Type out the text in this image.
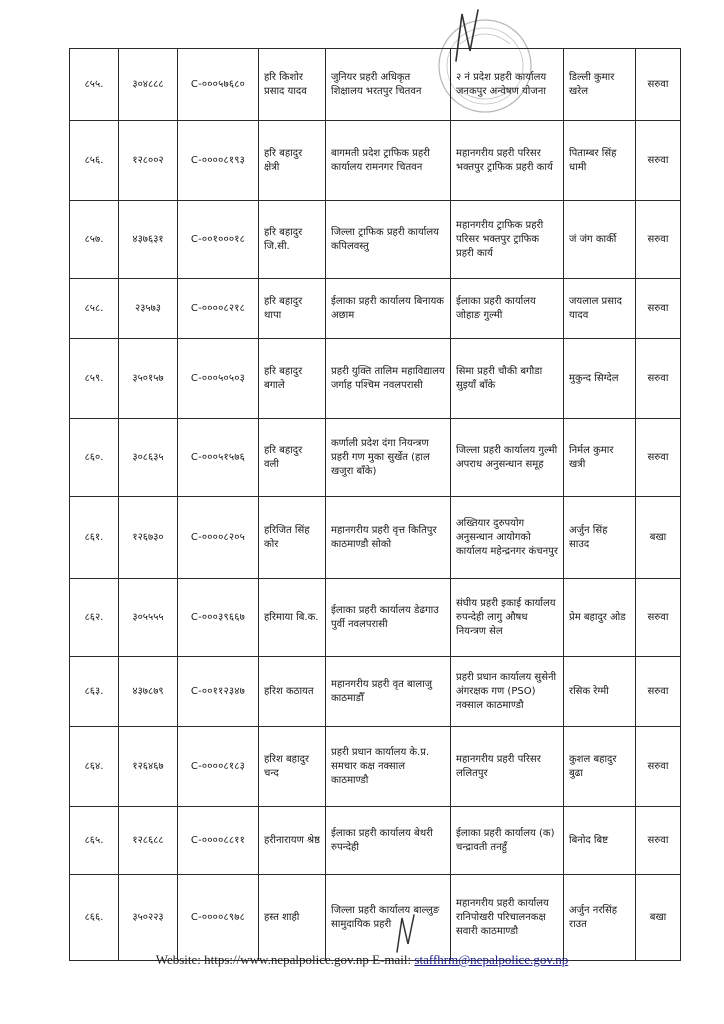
८५५.	३०४८८८	C-०००५७६८०	हरि किशोर प्रसाद यादव	जुनियर प्रहरी अधिकृत शिक्षालय भरतपुर चितवन	२ नं प्रदेश प्रहरी कार्यालय जनकपुर अन्वेषण योजना	डिल्ली कुमार खरेल	सरुवा
८५६.	१२८००२	C-००००८१९३	हरि बहादुर क्षेत्री	बागमती प्रदेश ट्राफिक प्रहरी कार्यालय रामनगर चितवन	महानगरीय प्रहरी परिसर भक्तपुर ट्राफिक प्रहरी कार्य	पिताम्बर सिंह धामी	सरुवा
८५७.	४३७६३१	C-००१०००१८	हरि बहादुर जि.सी.	जिल्ला ट्राफिक प्रहरी कार्यालय कपिलवस्तु	महानगरीय ट्राफिक प्रहरी परिसर भक्तपुर ट्राफिक प्रहरी कार्य	जं जंग कार्की	सरुवा
८५८.	२३५७३	C-००००८२१८	हरि बहादुर थापा	ईलाका प्रहरी कार्यालय बिनायक अछाम	ईलाका प्रहरी कार्यालय जोहाङ गुल्मी	जयलाल प्रसाद यादव	सरुवा
८५९.	३५०१५७	C-०००५०५०३	हरि बहादुर बगाले	प्रहरी युक्ति तालिम महाविद्यालय जर्गाह पश्चिम नवलपरासी	सिमा प्रहरी चौकी बगौडा सुइयाँ बाँके	मुकुन्द सिग्देल	सरुवा
८६०.	३०८६३५	C-०००५१५७६	हरि बहादुर वली	कर्णाली प्रदेश दंगा नियन्त्रण प्रहरी गण मुका सुर्खेत (हाल खजुरा बाँके)	जिल्ला प्रहरी कार्यालय गुल्मी अपराध अनुसन्धान समूह	निर्मल कुमार खत्री	सरुवा
८६१.	१२६७३०	C-००००८२०५	हरिजित सिंह कोर	महानगरीय प्रहरी वृत्त कितिपुर काठमाण्डौ सोको	अख्तियार दुरुपयोग अनुसन्धान आयोगको कार्यालय महेन्द्रनगर कंचनपुर	अर्जुन सिंह साउद	बखा
८६२.	३०५५५५	C-०००३९६६७	हरिमाया बि.क.	ईलाका प्रहरी कार्यालय डेढगाउ पुर्वी नवलपरासी	संघीय प्रहरी इकाई कार्यालय रुपन्देही लागु औषध नियन्त्रण सेल	प्रेम बहादुर ओड	सरुवा
८६३.	४३७८७९	C-००११२३४७	हरिश कठायत	महानगरीय प्रहरी वृत बालाजु काठमाडौँ	प्रहरी प्रधान कार्यालय सुसेनी अंगरक्षक गण (PSO) नक्साल काठमाण्डौ	रसिक रेग्मी	सरुवा
८६४.	१२६४६७	C-००००८१८३	हरिश बहादुर चन्द	प्रहरी प्रधान कार्यालय के.प्र. समचार कक्ष नक्साल काठमाण्डौ	महानगरीय प्रहरी परिसर ललितपुर	कुशल बहादुर बुढा	सरुवा
८६५.	१२८६८८	C-००००८८११	हरीनारायण श्रेष्ठ	ईलाका प्रहरी कार्यालय बेथरी रुपन्देही	ईलाका प्रहरी कार्यालय (क) चन्द्रावती तनहुँ	बिनोद बिष्ट	सरुवा
८६६.	३५०२२३	C-००००८९७८	हस्त शाही	जिल्ला प्रहरी कार्यालय बाल्लुङ सामुदायिक प्रहरी	महानगरीय प्रहरी कार्यालय रानिपोखरी परिचालनकक्ष सवारी काठमाण्डौ	अर्जुन नरसिंह राउत	बखा
Website: https://www.nepalpolice.gov.np E-mail: staffhrm@nepalpolice.gov.np
